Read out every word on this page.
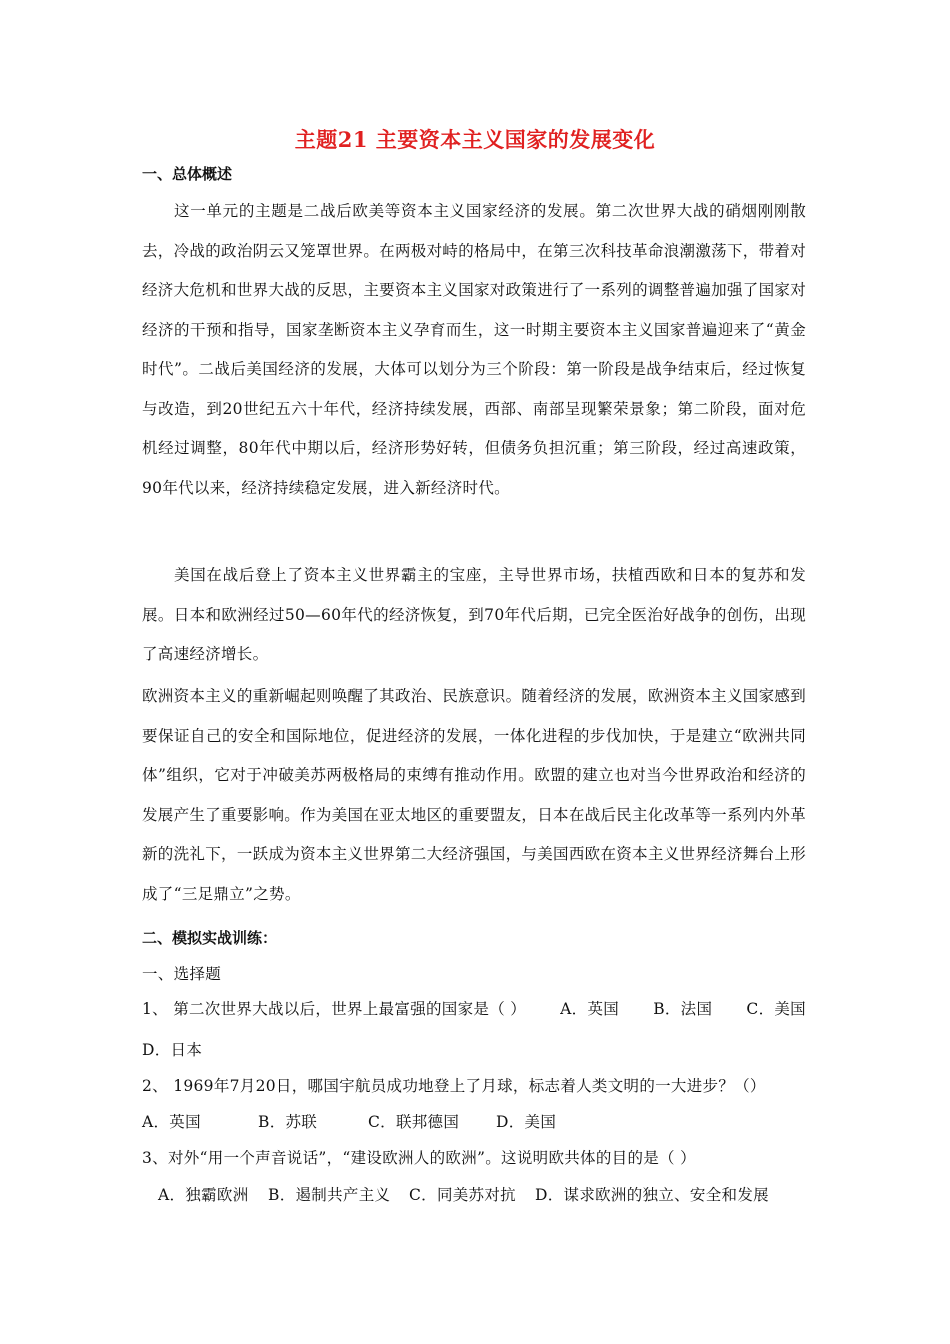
主题21 主要资本主义国家的发展变化
一、总体概述
这一单元的主题是二战后欧美等资本主义国家经济的发展。第二次世界大战的硝烟刚刚散去，冷战的政治阴云又笼罩世界。在两极对峙的格局中，在第三次科技革命浪潮激荡下，带着对经济大危机和世界大战的反思，主要资本主义国家对政策进行了一系列的调整普遍加强了国家对经济的干预和指导，国家垄断资本主义孕育而生，这一时期主要资本主义国家普遍迎来了“黄金时代”。二战后美国经济的发展，大体可以划分为三个阶段：第一阶段是战争结束后，经过恢复与改造，到20世纪五六十年代，经济持续发展，西部、南部呈现繁荣景象；第二阶段，面对危机经过调整，80年代中期以后，经济形势好转，但债务负担沉重；第三阶段，经过高速政策，90年代以来，经济持续稳定发展，进入新经济时代。
美国在战后登上了资本主义世界霸主的宝座，主导世界市场，扶植西欧和日本的复苏和发展。日本和欧洲经过50—60年代的经济恢复，到70年代后期，已完全医治好战争的创伤，出现了高速经济增长。
欧洲资本主义的重新崛起则唤醒了其政治、民族意识。随着经济的发展，欧洲资本主义国家感到要保证自己的安全和国际地位，促进经济的发展，一体化进程的步伐加快，于是建立“欧洲共同体”组织，它对于冲破美苏两极格局的束缚有推动作用。欧盟的建立也对当今世界政治和经济的发展产生了重要影响。作为美国在亚太地区的重要盟友，日本在战后民主化改革等一系列内外革新的洗礼下，一跃成为资本主义世界第二大经济强国，与美国西欧在资本主义世界经济舞台上形成了“三足鼎立”之势。
二、模拟实战训练：
一、选择题
1、 第二次世界大战以后，世界上最富强的国家是（ ） A．英国 B．法国 C．美国
D．日本
2、 1969年7月20日，哪国宇航员成功地登上了月球，标志着人类文明的一大进步？（）
A．英国	B．苏联	C．联邦德国 D．美国
3、对外“用一个声音说话”，“建设欧洲人的欧洲”。这说明欧共体的目的是（ ）
A．独霸欧洲 B．遏制共产主义 C．同美苏对抗 D．谋求欧洲的独立、安全和发展
